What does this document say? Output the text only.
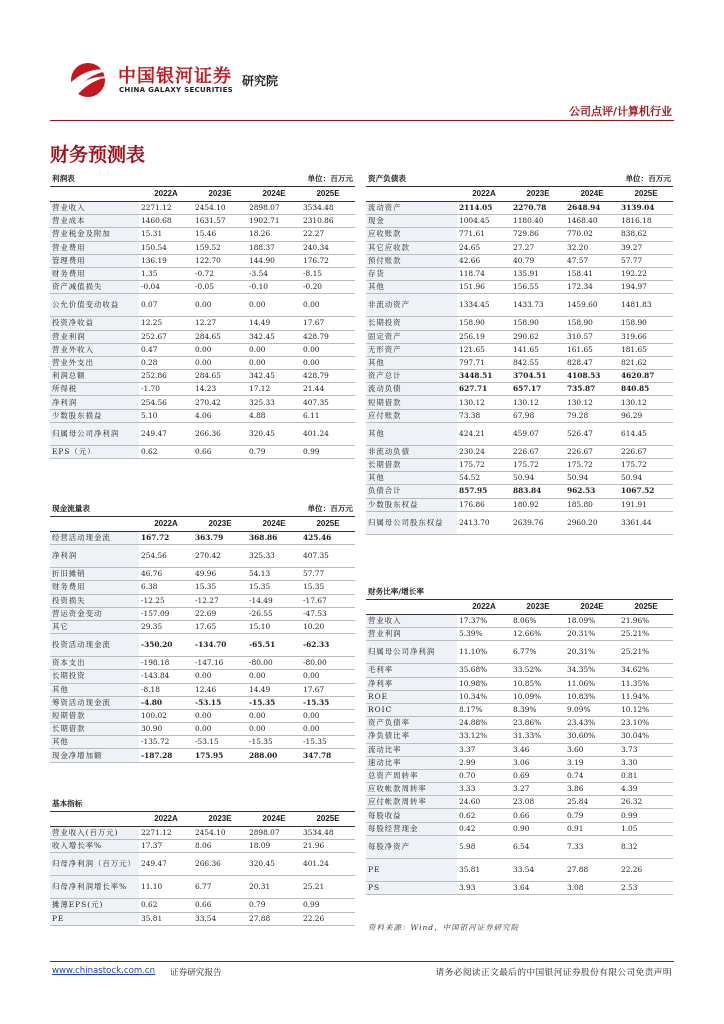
中国银河证券
CHINA GALAXY SECURITIES
研究院
公司点评/计算机行业
财务预测表
利润表			单位：百万元	
	2022A	2023E	2024E	2025E
营业收入	2271.12	2454.10	2898.07	3534.48
营业成本	1460.68	1631.57	1902.71	2310.86
营业税金及附加	15.31	15.46	18.26	22.27
营业费用	150.54	159.52	188.37	240.34
管理费用	136.19	122.70	144.90	176.72
财务费用	1.35	-0.72	-3.54	-8.15
资产减值损失	-0.04	-0.05	-0.10	-0.20
公允价值变动收益	0.07	0.00	0.00	0.00
投资净收益	12.25	12.27	14.49	17.67
营业利润	252.67	284.65	342.45	428.79
营业外收入	0.47	0.00	0.00	0.00
营业外支出	0.28	0.00	0.00	0.00
利润总额	252.86	284.65	342.45	428.79
所得税	-1.70	14.23	17.12	21.44
净利润	254.56	270.42	325.33	407.35
少数股东损益	5.10	4.06	4.88	6.11
归属母公司净利润	249.47	266.36	320.45	401.24
EPS（元）	0.62	0.66	0.79	0.99
现金流量表			单位：百万元	
	2022A	2023E	2024E	2025E
经营活动现金流	167.72	363.79	368.86	425.46
净利润	254.56	270.42	325.33	407.35
折旧摊销	46.76	49.96	54.13	57.77
财务费用	6.38	15.35	15.35	15.35
投资损失	-12.25	-12.27	-14.49	-17.67
营运资金变动	-157.09	22.69	-26.55	-47.53
其它	29.35	17.65	15.10	10.20
投资活动现金流	-350.20	-134.70	-65.51	-62.33
资本支出	-198.18	-147.16	-80.00	-80.00
长期投资	-143.84	0.00	0.00	0.00
其他	-8.18	12.46	14.49	17.67
筹资活动现金流	-4.80	-53.15	-15.35	-15.35
短期借款	100.02	0.00	0.00	0.00
长期借款	30.90	0.00	0.00	0.00
其他	-135.72	-53.15	-15.35	-15.35
现金净增加额	-187.28	175.95	288.00	347.78
基本指标				
	2022A	2023E	2024E	2025E
营业收入(百万元)	2271.12	2454.10	2898.07	3534.48
收入增长率%	17.37	8.06	18.09	21.96
归母净利润（百万元）	249.47	266.36	320.45	401.24
归母净利润增长率%	11.10	6.77	20.31	25.21
摊薄EPS(元)	0.62	0.66	0.79	0.99
PE	35.81	33.54	27.88	22.26
资产负债表			单位：百万元	
	2022A	2023E	2024E	2025E
流动资产	2114.05	2270.78	2648.94	3139.04
现金	1004.45	1180.40	1468.40	1816.18
应收账款	771.61	729.86	770.02	838.62
其它应收款	24.65	27.27	32.20	39.27
预付账款	42.66	40.79	47.57	57.77
存货	118.74	135.91	158.41	192.22
其他	151.96	156.55	172.34	194.97
非流动资产	1334.45	1433.73	1459.60	1481.83
长期投资	158.90	158.90	158.90	158.90
固定资产	256.19	290.62	310.57	319.66
无形资产	121.65	141.65	161.65	181.65
其他	797.71	842.55	828.47	821.62
资产总计	3448.51	3704.51	4108.53	4620.87
流动负债	627.71	657.17	735.87	840.85
短期借款	130.12	130.12	130.12	130.12
应付账款	73.38	67.98	79.28	96.29
其他	424.21	459.07	526.47	614.45
非流动负债	230.24	226.67	226.67	226.67
长期借款	175.72	175.72	175.72	175.72
其他	54.52	50.94	50.94	50.94
负债合计	857.95	883.84	962.53	1067.52
少数股东权益	176.86	180.92	185.80	191.91
归属母公司股东权益	2413.70	2639.76	2960.20	3361.44
财务比率/增长率				
	2022A	2023E	2024E	2025E
营业收入	17.37%	8.06%	18.09%	21.96%
营业利润	5.39%	12.66%	20.31%	25.21%
归属母公司净利润	11.10%	6.77%	20.31%	25.21%
毛利率	35.68%	33.52%	34.35%	34.62%
净利率	10.98%	10.85%	11.06%	11.35%
ROE	10.34%	10.09%	10.83%	11.94%
ROIC	8.17%	8.39%	9.09%	10.12%
资产负债率	24.88%	23.86%	23.43%	23.10%
净负债比率	33.12%	31.33%	30.60%	30.04%
流动比率	3.37	3.46	3.60	3.73
速动比率	2.99	3.06	3.19	3.30
总资产周转率	0.70	0.69	0.74	0.81
应收帐款周转率	3.33	3.27	3.86	4.39
应付帐款周转率	24.60	23.08	25.84	26.32
每股收益	0.62	0.66	0.79	0.99
每股经营现金	0.42	0.90	0.91	1.05
每股净资产	5.98	6.54	7.33	8.32
PE	35.81	33.54	27.88	22.26
PS	3.93	3.64	3.08	2.53
资料来源：Wind，中国银河证券研究院
www.chinastock.com.cn 证券研究报告	请务必阅读正文最后的中国银河证券股份有限公司免责声明
